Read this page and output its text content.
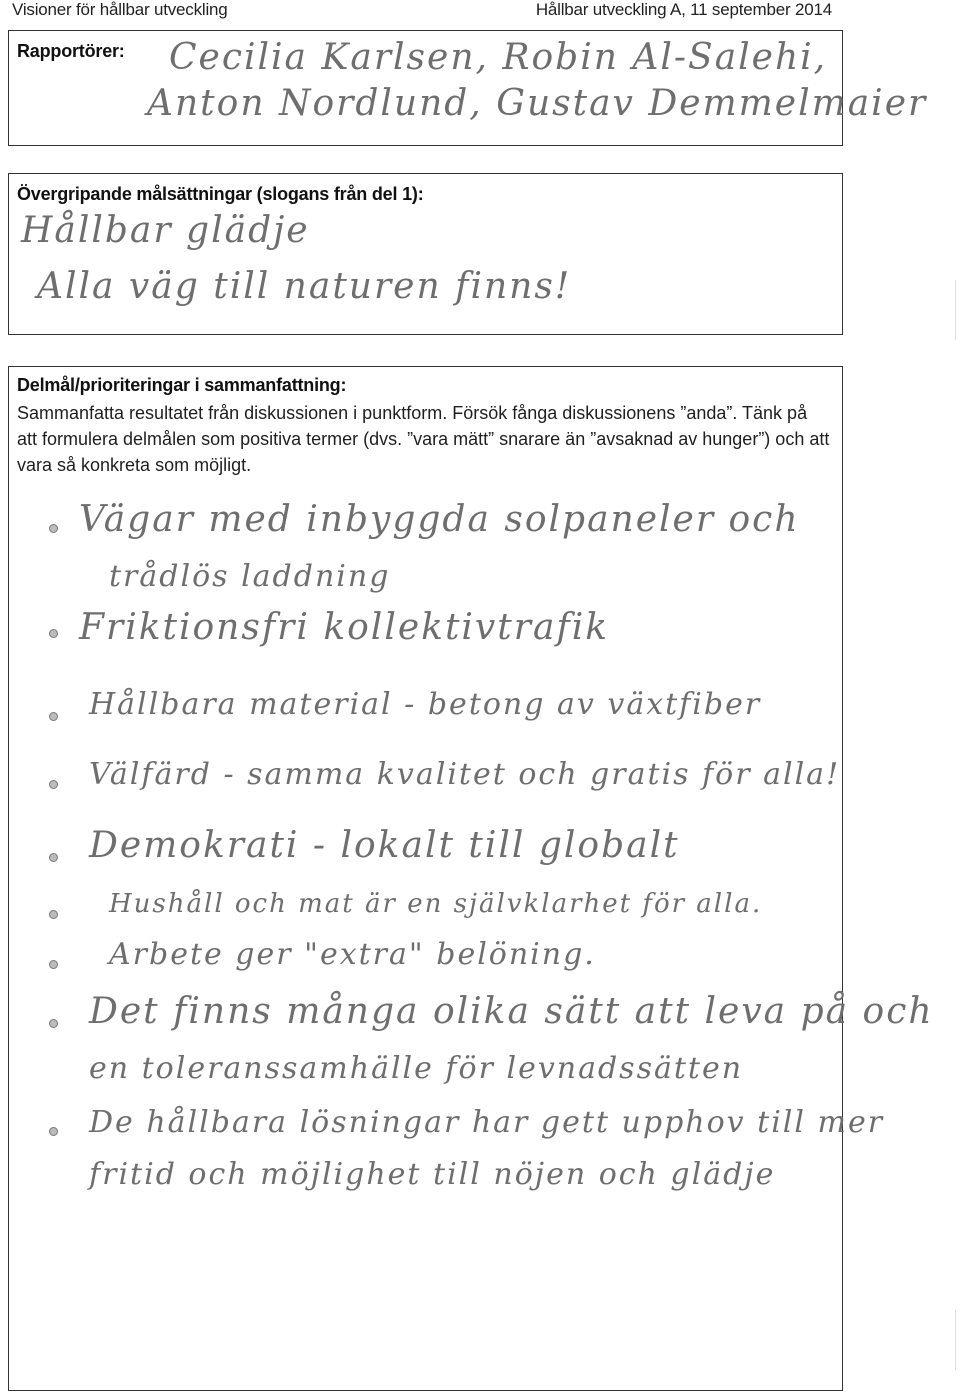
Visioner för hållbar utveckling	Hållbar utveckling A, 11 september 2014
Rapportörer: Cecilia Karlsen, Robin Al-Salehi,
Anton Nordlund, Gustav Demmelmaier
Övergripande målsättningar (slogans från del 1):
Hållbar glädje
Alla väg till naturen finns!
Delmål/prioriteringar i sammanfattning:
Sammanfatta resultatet från diskussionen i punktform. Försök fånga diskussionens ”anda”. Tänk på att formulera delmålen som positiva termer (dvs. ”vara mätt” snarare än ”avsaknad av hunger”) och att vara så konkreta som möjligt.
Vägar med inbyggda solpaneler och
trådlös laddning
Friktionsfri kollektivtrafik
Hållbara material - betong av växtfiber
Välfärd - samma kvalitet och gratis för alla!
Demokrati - lokalt till globalt
Hushåll och mat är en självklarhet för alla.
Arbete ger "extra" belöning.
Det finns många olika sätt att leva på och
en toleranssamhälle för levnadssätten
De hållbara lösningar har gett upphov till mer
fritid och möjlighet till nöjen och glädje
